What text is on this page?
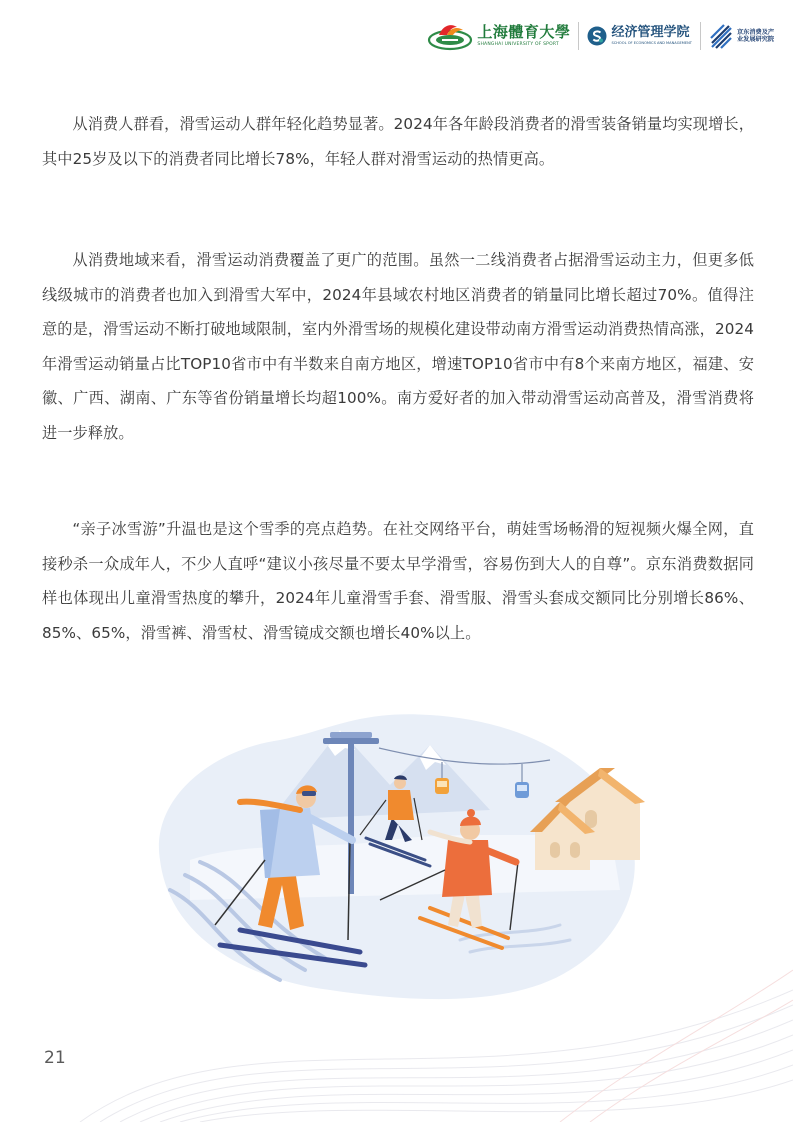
上海體育大學
SHANGHAI UNIVERSITY OF SPORT
经济管理学院
SCHOOL OF ECONOMICS AND MANAGEMENT
京东消费及产业发展研究院

从消费人群看，滑雪运动人群年轻化趋势显著。2024年各年龄段消费者的滑雪装备销量均实现增长，其中25岁及以下的消费者同比增长78%，年轻人群对滑雪运动的热情更高。

从消费地域来看，滑雪运动消费覆盖了更广的范围。虽然一二线消费者占据滑雪运动主力，但更多低线级城市的消费者也加入到滑雪大军中，2024年县域农村地区消费者的销量同比增长超过70%。值得注意的是，滑雪运动不断打破地域限制，室内外滑雪场的规模化建设带动南方滑雪运动消费热情高涨，2024年滑雪运动销量占比TOP10省市中有半数来自南方地区，增速TOP10省市中有8个来南方地区，福建、安徽、广西、湖南、广东等省份销量增长均超100%。南方爱好者的加入带动滑雪运动高普及，滑雪消费将进一步释放。

“亲子冰雪游”升温也是这个雪季的亮点趋势。在社交网络平台，萌娃雪场畅滑的短视频火爆全网，直接秒杀一众成年人，不少人直呼“建议小孩尽量不要太早学滑雪，容易伤到大人的自尊”。京东消费数据同样也体现出儿童滑雪热度的攀升，2024年儿童滑雪手套、滑雪服、滑雪头套成交额同比分别增长86%、85%、65%，滑雪裤、滑雪杖、滑雪镜成交额也增长40%以上。

21
